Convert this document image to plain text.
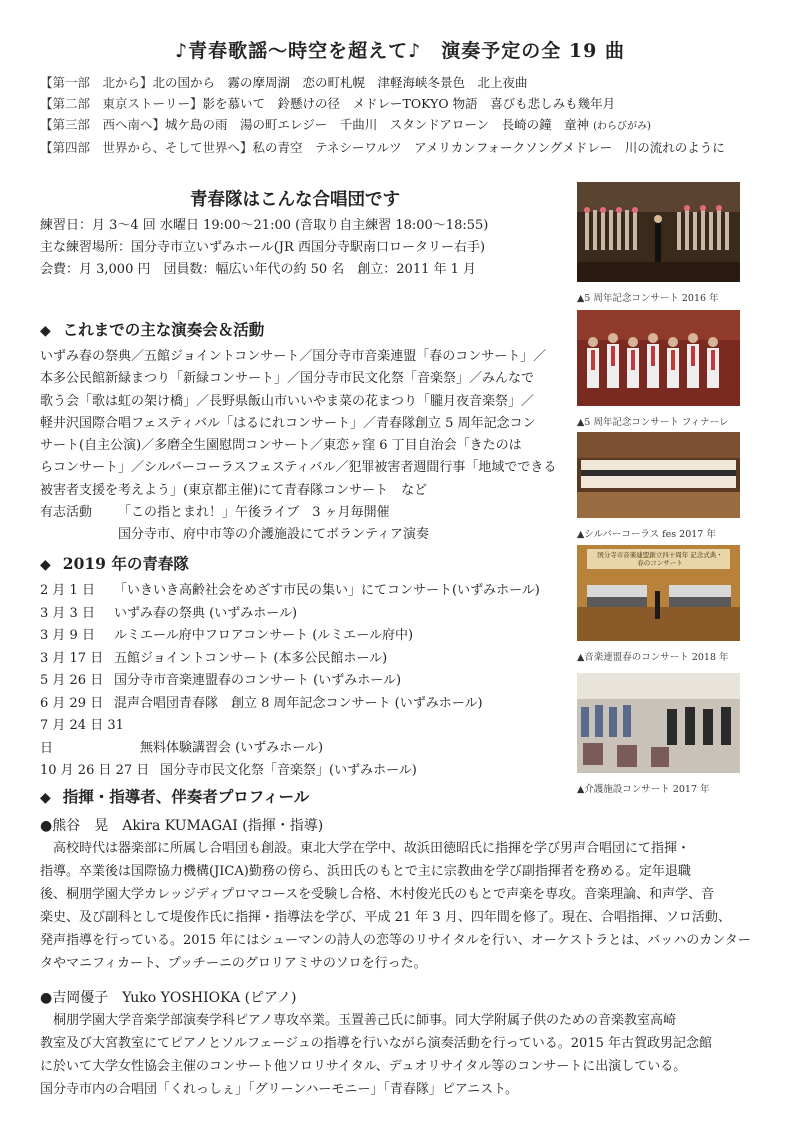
♪青春歌謡～時空を超えて♪　演奏予定の全 19 曲
【第一部　北から】北の国から　霧の摩周湖　恋の町札幌　津軽海峡冬景色　北上夜曲
【第二部　東京ストーリー】影を慕いて　鈴懸けの径　メドレーTOKYO 物語　喜びも悲しみも幾年月
【第三部　西へ南へ】城ケ島の雨　湯の町エレジー　千曲川　スタンドアローン　長崎の鐘　童神 (わらびがみ)
【第四部　世界から、そして世界へ】私の青空　テネシーワルツ　アメリカンフォークソングメドレー　川の流れのように
青春隊はこんな合唱団です
練習日：月 3～4 回 水曜日 19:00～21:00 (音取り自主練習 18:00～18:55)
主な練習場所：国分寺市立いずみホール(JR 西国分寺駅南口ロータリー右手)
会費：月 3,000 円　団員数：幅広い年代の約 50 名　創立：2011 年 1 月
◆ これまでの主な演奏会＆活動
いずみ春の祭典／五館ジョイントコンサート／国分寺市音楽連盟「春のコンサート」／
本多公民館新緑まつり「新緑コンサート」／国分寺市民文化祭「音楽祭」／みんなで
歌う会「歌は虹の架け橋」／長野県飯山市いいやま菜の花まつり「朧月夜音楽祭」／
軽井沢国際合唱フェスティバル「はるにれコンサート」／青春隊創立 5 周年記念コン
サート(自主公演)／多磨全生園慰問コンサート／東恋ヶ窪 6 丁目自治会「きたのは
らコンサート」／シルバーコーラスフェスティバル／犯罪被害者週間行事「地域でできる
被害者支援を考えよう」(東京都主催)にて青春隊コンサート　など
有志活動 「この指とまれ！」午後ライブ　3 ヶ月毎開催
国分寺市、府中市等の介護施設にてボランティア演奏
◆ 2019 年の青春隊
2 月 1 日 「いきいき高齢社会をめざす市民の集い」にてコンサート(いずみホール)
3 月 3 日 いずみ春の祭典 (いずみホール)
3 月 9 日 ルミエール府中フロアコンサート (ルミエール府中)
3 月 17 日 五館ジョイントコンサート (本多公民館ホール)
5 月 26 日 国分寺市音楽連盟春のコンサート (いずみホール)
6 月 29 日 混声合唱団青春隊　創立 8 周年記念コンサート (いずみホール)
7 月 24 日 31 日	無料体験講習会 (いずみホール)
10 月 26 日 27 日 国分寺市民文化祭「音楽祭」(いずみホール)
◆ 指揮・指導者、伴奏者プロフィール
●熊谷　晃　Akira KUMAGAI (指揮・指導)
高校時代は器楽部に所属し合唱団も創設。東北大学在学中、故浜田徳昭氏に指揮を学び男声合唱団にて指揮・
指導。卒業後は国際協力機構(JICA)勤務の傍ら、浜田氏のもとで主に宗教曲を学び副指揮者を務める。定年退職
後、桐朋学園大学カレッジディプロマコースを受験し合格、木村俊光氏のもとで声楽を専攻。音楽理論、和声学、音
楽史、及び副科として堤俊作氏に指揮・指導法を学び、平成 21 年 3 月、四年間を修了。現在、合唱指揮、ソロ活動、
発声指導を行っている。2015 年にはシューマンの詩人の恋等のリサイタルを行い、オーケストラとは、バッハのカンター
タやマニフィカート、プッチーニのグロリアミサのソロを行った。
●吉岡優子　Yuko YOSHIOKA (ピアノ)
桐朋学園大学音楽学部演奏学科ピアノ専攻卒業。玉置善己氏に師事。同大学附属子供のための音楽教室高崎
教室及び大宮教室にてピアノとソルフェージュの指導を行いながら演奏活動を行っている。2015 年古賀政男記念館
に於いて大学女性協会主催のコンサート他ソロリサイタル、デュオリサイタル等のコンサートに出演している。
国分寺市内の合唱団「くれっしぇ」「グリーンハーモニー」「青春隊」ピアニスト。
▲5 周年記念コンサート 2016 年
▲5 周年記念コンサート フィナーレ
▲シルバーコーラス fes 2017 年
国分寺市音楽連盟創立四十周年 記念式典・春のコンサート
▲音楽連盟春のコンサート 2018 年
▲介護施設コンサート 2017 年
